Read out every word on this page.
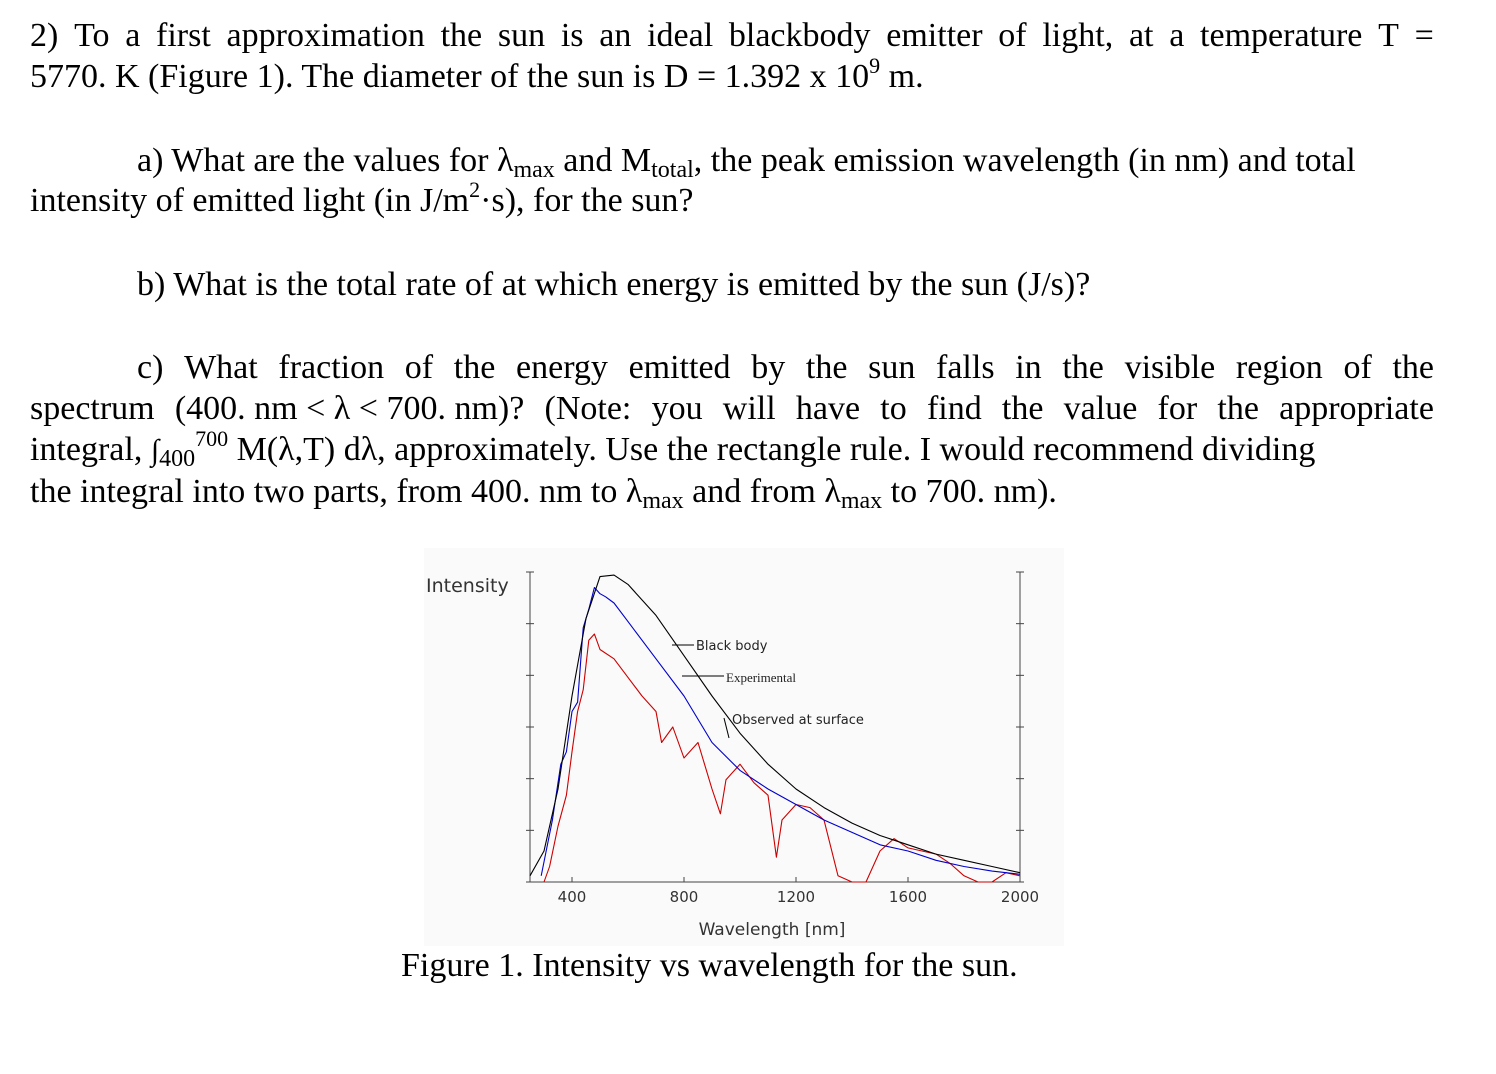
2) To a first approximation the sun is an ideal blackbody emitter of light, at a temperature T =
5770. K (Figure 1). The diameter of the sun is D = 1.392 x $10^9$ m.
a) What are the values for $\lambda_{max}$ and $M_{total}$, the peak emission wavelength (in nm) and total
intensity of emitted light (in $J/m^2\cdot s$), for the sun?
b) What is the total rate of at which energy is emitted by the sun (J/s)?
c) What fraction of the energy emitted by the sun falls in the visible region of the
spectrum (400. nm < λ < 700. nm)? (Note: you will have to find the value for the appropriate
integral, $\int_{400}^{700}$ M(λ,T) dλ, approximately. Use the rectangle rule. I would recommend dividing
the integral into two parts, from 400. nm to $\lambda_{max}$ and from $\lambda_{max}$ to 700. nm).
Intensity
400	800	1200	1600	2000
Black body
Experimental
Observed at surface
Wavelength [nm]
Figure 1. Intensity vs wavelength for the sun.
